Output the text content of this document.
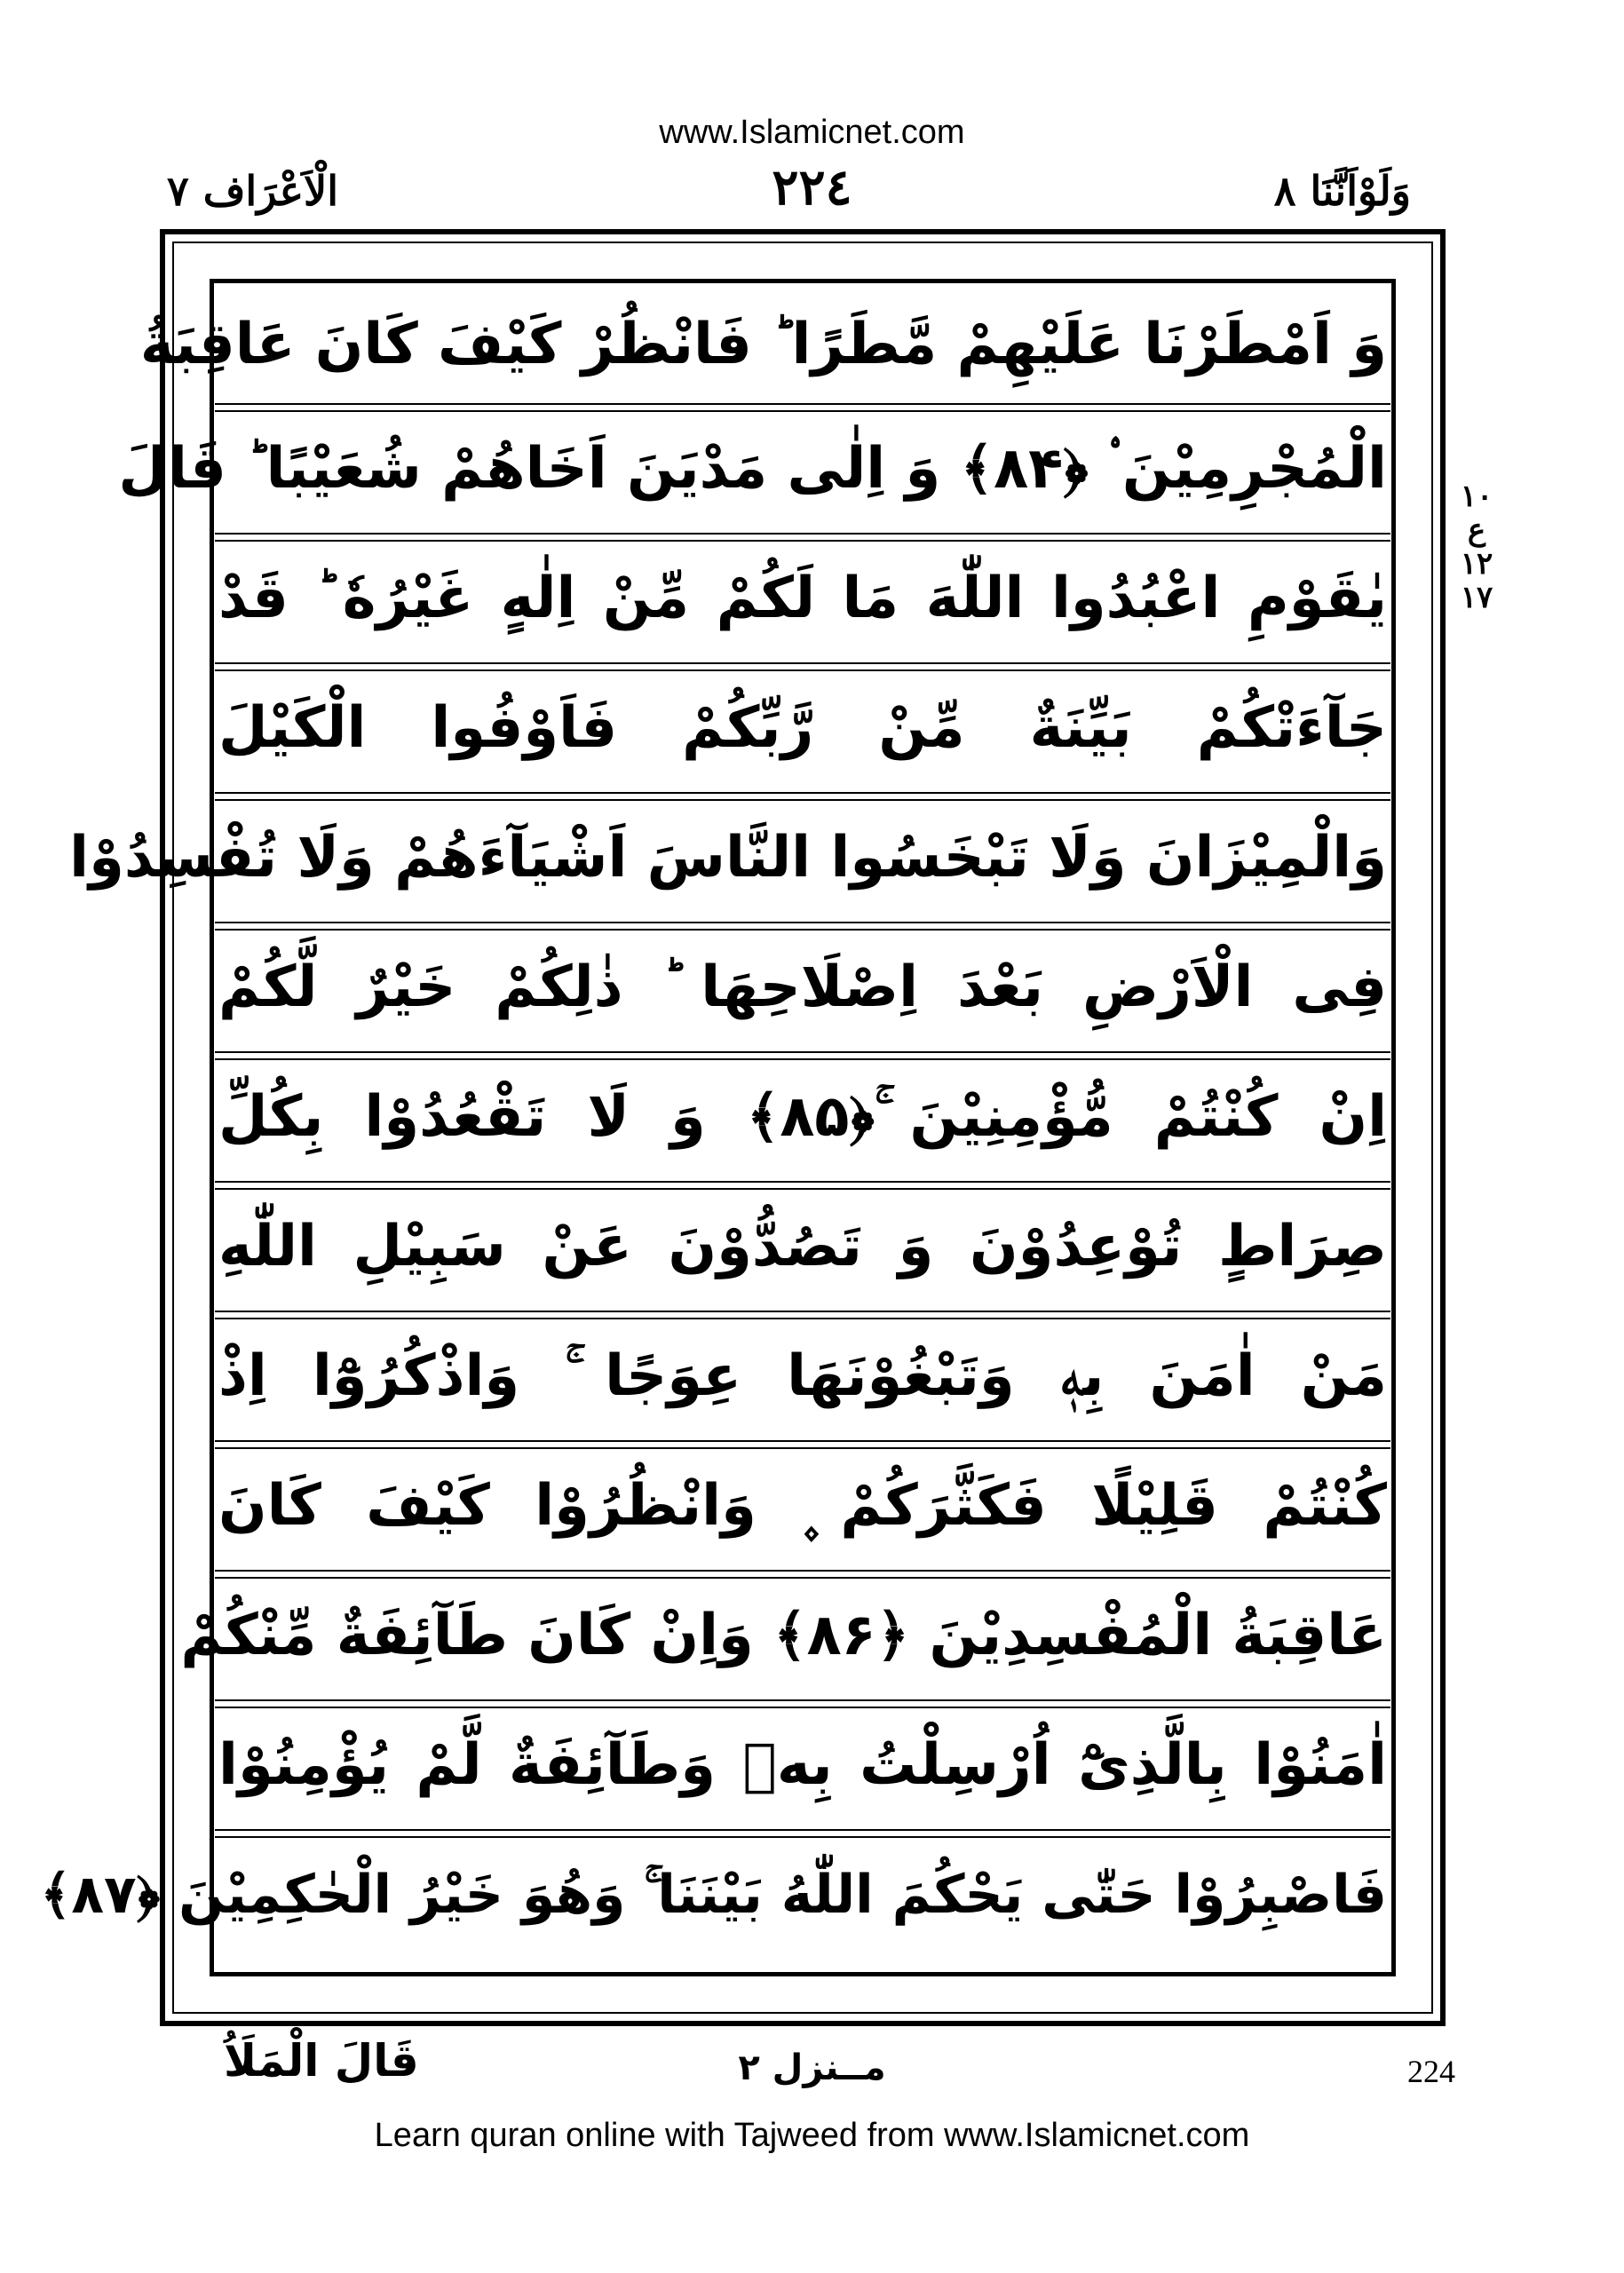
www.Islamicnet.com
وَلَوْاَنَّنَا ٨
٢٢٤
الْاَعْرَاف ٧
١٠
ع
١٢
١٧
وَ اَمْطَرْنَا عَلَيْهِمْ مَّطَرًا ؕ فَانْظُرْ كَيْفَ كَانَ عَاقِبَةُ
الْمُجْرِمِيْنَ ۟ ﴿۸۴﴾ وَ اِلٰى مَدْيَنَ اَخَاهُمْ شُعَيْبًا ؕ قَالَ
يٰقَوْمِ اعْبُدُوا اللّٰهَ مَا لَكُمْ مِّنْ اِلٰهٍ غَيْرُهٗ ؕ قَدْ
جَآءَتْكُمْ بَيِّنَةٌ مِّنْ رَّبِّكُمْ فَاَوْفُوا الْكَيْلَ
وَالْمِيْزَانَ وَلَا تَبْخَسُوا النَّاسَ اَشْيَآءَهُمْ وَلَا تُفْسِدُوْا
فِى الْاَرْضِ بَعْدَ اِصْلَاحِهَا ؕ ذٰلِكُمْ خَيْرٌ لَّكُمْ
اِنْ كُنْتُمْ مُّؤْمِنِيْنَ ۚ﴿۸۵﴾ وَ لَا تَقْعُدُوْا بِكُلِّ
صِرَاطٍ تُوْعِدُوْنَ وَ تَصُدُّوْنَ عَنْ سَبِيْلِ اللّٰهِ
مَنْ اٰمَنَ بِهٖ وَتَبْغُوْنَهَا عِوَجًا ۚ وَاذْكُرُوْٓا اِذْ
كُنْتُمْ قَلِيْلًا فَكَثَّرَكُمْ ۪ وَانْظُرُوْا كَيْفَ كَانَ
عَاقِبَةُ الْمُفْسِدِيْنَ ﴿۸۶﴾ وَاِنْ كَانَ طَآئِفَةٌ مِّنْكُمْ
اٰمَنُوْا بِالَّذِىْٓ اُرْسِلْتُ بِهٖ وَطَآئِفَةٌ لَّمْ يُؤْمِنُوْا
فَاصْبِرُوْا حَتّٰى يَحْكُمَ اللّٰهُ بَيْنَنَا ۚ وَهُوَ خَيْرُ الْحٰكِمِيْنَ ﴿۸۷﴾
قَالَ الْمَلَاُ	مــنزل ٢	224
Learn quran online with Tajweed from www.Islamicnet.com
